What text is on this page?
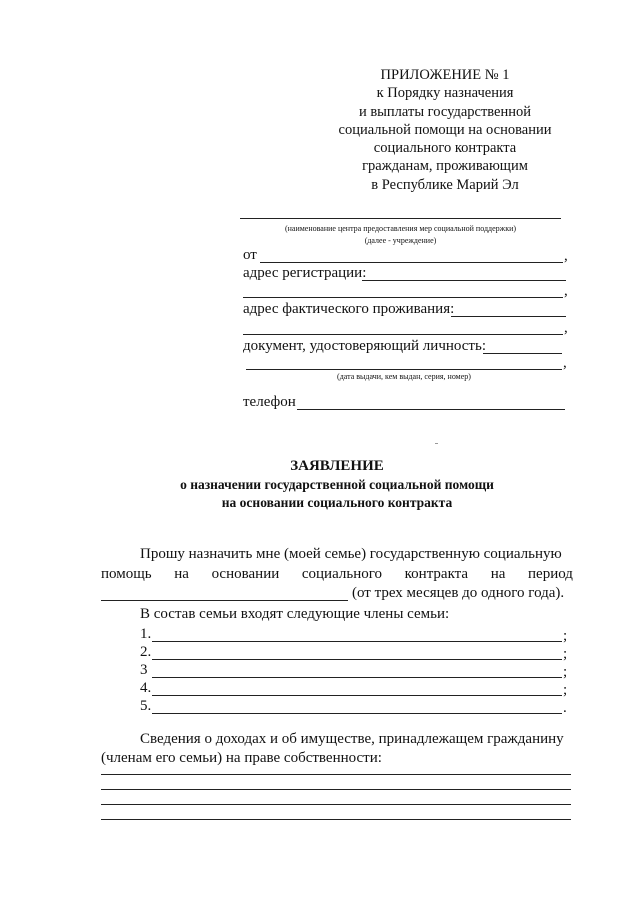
ПРИЛОЖЕНИЕ № 1
к Порядку назначения
и выплаты государственной
социальной помощи на основании
социального контракта
гражданам, проживающим
в Республике Марий Эл
(наименование центра предоставления мер социальной поддержки)
(далее - учреждение)
от	,
адрес регистрации:
,
адрес фактического проживания:
,
документ, удостоверяющий личность:
,
(дата выдачи, кем выдан, серия, номер)
телефон
ЗАЯВЛЕНИЕ
о назначении государственной социальной помощи
на основании социального контракта
Прошу назначить мне (моей семье) государственную социальную
помощь на основании социального контракта на период
(от трех месяцев до одного года).
В состав семьи входят следующие члены семьи:
1.	;
2.	;
3	;
4.	;
5.	.
Сведения о доходах и об имуществе, принадлежащем гражданину
(членам его семьи) на праве собственности:
